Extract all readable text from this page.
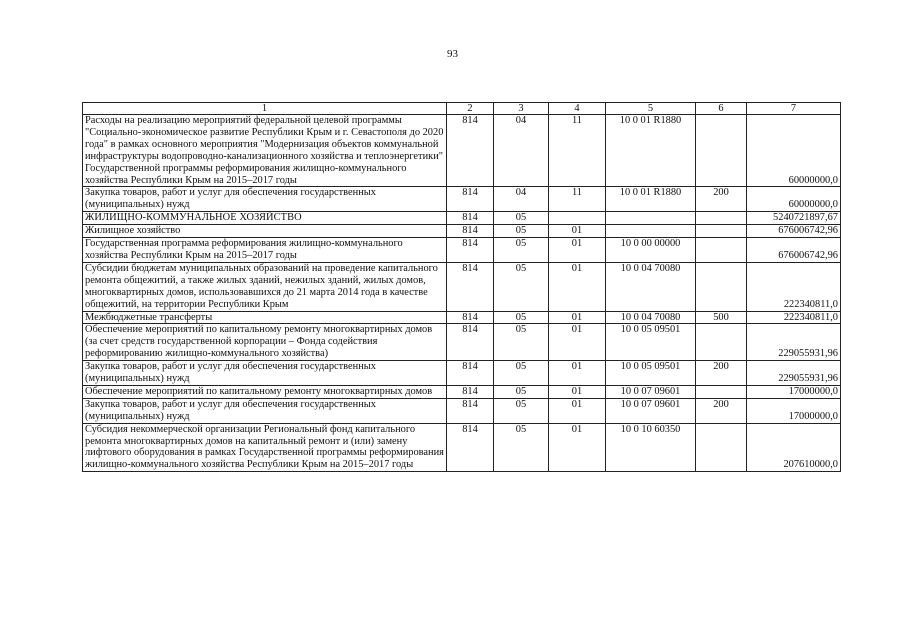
93
1	2	3	4	5	6	7
Расходы на реализацию мероприятий федеральной целевой программы "Социально-экономическое развитие Республики Крым и г. Севастополя до 2020 года" в рамках основного мероприятия "Модернизация объектов коммунальной инфраструктуры водопроводно-канализационного хозяйства и теплоэнергетики" Государственной программы реформирования жилищно-коммунального хозяйства Республики Крым на 2015–2017 годы	814	04	11	10 0 01 R1880		60000000,0
Закупка товаров, работ и услуг для обеспечения государственных (муниципальных) нужд	814	04	11	10 0 01 R1880	200	60000000,0
ЖИЛИЩНО-КОММУНАЛЬНОЕ ХОЗЯЙСТВО	814	05				5240721897,67
Жилищное хозяйство	814	05	01			676006742,96
Государственная программа реформирования жилищно-коммунального хозяйства Республики Крым на 2015–2017 годы	814	05	01	10 0 00 00000		676006742,96
Субсидии бюджетам муниципальных образований на проведение капитального ремонта общежитий, а также жилых зданий, нежилых зданий, жилых домов, многоквартирных домов, использовавшихся до 21 марта 2014 года в качестве общежитий, на территории Республики Крым	814	05	01	10 0 04 70080		222340811,0
Межбюджетные трансферты	814	05	01	10 0 04 70080	500	222340811,0
Обеспечение мероприятий по капитальному ремонту многоквартирных домов (за счет средств государственной корпорации – Фонда содействия реформированию жилищно-коммунального хозяйства)	814	05	01	10 0 05 09501		229055931,96
Закупка товаров, работ и услуг для обеспечения государственных (муниципальных) нужд	814	05	01	10 0 05 09501	200	229055931,96
Обеспечение мероприятий по капитальному ремонту многоквартирных домов	814	05	01	10 0 07 09601		17000000,0
Закупка товаров, работ и услуг для обеспечения государственных (муниципальных) нужд	814	05	01	10 0 07 09601	200	17000000,0
Субсидия некоммерческой организации Региональный фонд капитального ремонта многоквартирных домов на капитальный ремонт и (или) замену лифтового оборудования в рамках Государственной программы реформирования жилищно-коммунального хозяйства Республики Крым на 2015–2017 годы	814	05	01	10 0 10 60350		207610000,0
